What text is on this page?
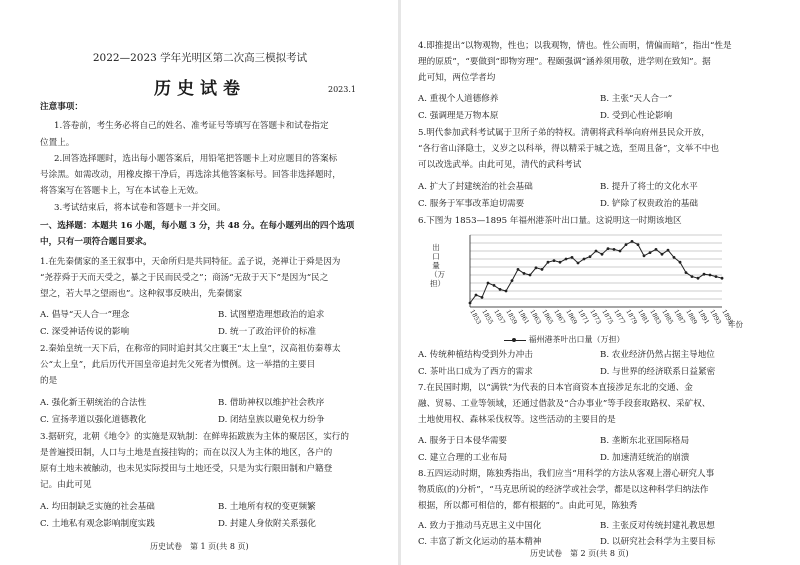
2022—2023 学年光明区第二次高三模拟考试
历史试卷	2023.1
注意事项：
1.答卷前，考生务必将自己的姓名、准考证号等填写在答题卡和试卷指定
位置上。
2.回答选择题时，选出每小题答案后，用铅笔把答题卡上对应题目的答案标
号涂黑。如需改动，用橡皮擦干净后，再选涂其他答案标号。回答非选择题时，
将答案写在答题卡上，写在本试卷上无效。
3.考试结束后，将本试卷和答题卡一并交回。
一、选择题：本题共 16 小题，每小题 3 分，共 48 分。在每小题列出的四个选项
中，只有一项符合题目要求。
1.在先秦儒家的圣王叙事中，天命所归是共同特征。孟子说，尧禅让于舜是因为
“尧荐舜于天而天受之，暴之于民而民受之”；商汤“无敌于天下”是因为“民之
望之，若大旱之望雨也”。这种叙事反映出，先秦儒家
A. 倡导“天人合一”理念	B. 试图塑造理想政治的追求
C. 深受神话传说的影响	D. 统一了政治评价的标准
2.秦始皇统一天下后，在称帝的同时追封其父庄襄王“太上皇”，汉高祖仿秦尊太
公“太上皇”，此后历代开国皇帝追封先父死者为惯例。这一举措的主要目
的是
A. 强化新王朝统治的合法性	B. 借助神权以维护社会秩序
C. 宣扬孝道以强化道德教化	D. 闭结皇族以避免权力纷争
3.据研究，北朝《地令》的实施是双轨制：在鲜卑拓跋族为主体的聚居区，实行的
是普遍授田制，人口与土地是直接挂钩的；而在以汉人为主体的地区，各户的
原有土地未被触动，也未见实际授田与土地还受，只是为实行限田制和户籍登
记。由此可见
A. 均田制缺乏实施的社会基础	B. 土地所有权的变更频繁
C. 土地私有观念影响制度实践	D. 封建人身依附关系强化
历史试卷　第 1 页(共 8 页)
4.即推提出“以物观物，性也；以我观物，情也。性公而明，情偏而暗”，指出“性是
理的原质”，“要做到“即物穷理”。程颐强调“涵养须用敬，进学则在致知”。据
此可知，两位学者均
A. 重视个人道德修养	B. 主张“天人合一”
C. 强调理是万物本原	D. 受到心性论影响
5.明代参加武科考试属于卫所子弟的特权。清朝将武科举向府州县民众开放，
“各行省山泽隐士，义岁之以科举，得以精采于城之选，至周且备”，文举不中也
可以改选武举。由此可见，清代的武科考试
A. 扩大了封建统治的社会基础	B. 提升了将士的文化水平
C. 服务于军事改革迫切需要	D. 铲除了权贵政治的基础
6.下图为 1853—1895 年福州港茶叶出口量。这说明这一时期该地区
出口量（万担）
1853
1855
1857
1859
1861
1863
1865
1867
1869
1871
1873
1875
1877
1879
1881
1883
1885
1887
1889
1891
1893
1895
年份
福州港茶叶出口量（万担）
A. 传统种植结构受到外力冲击	B. 农业经济仍然占据主导地位
C. 茶叶出口成为了西方的需求	D. 与世界的经济联系日益紧密
7.在民国时期，以“满铁”为代表的日本官商资本直接涉足东北的交通、金
融、贸易、工业等领域，还通过借款及“合办事业”等手段套取路权、采矿权、
土地使用权、森林采伐权等。这些活动的主要目的是
A. 服务于日本侵华需要	B. 垄断东北亚国际格局
C. 建立合理的工业布局	D. 加速清廷统治的崩溃
8.五四运动时期，陈独秀指出，我们应当“用科学的方法从客观上潜心研究人事
物质底(的)分析”，“马克思所说的经济学或社会学，都是以这种科学归纳法作
根据，所以都可相信的，都有根据的”。由此可见，陈独秀
A. 致力于推动马克思主义中国化	B. 主张反对传统封建礼教思想
C. 丰富了新文化运动的基本精神	D. 以研究社会科学为主要目标
历史试卷　第 2 页(共 8 页)
